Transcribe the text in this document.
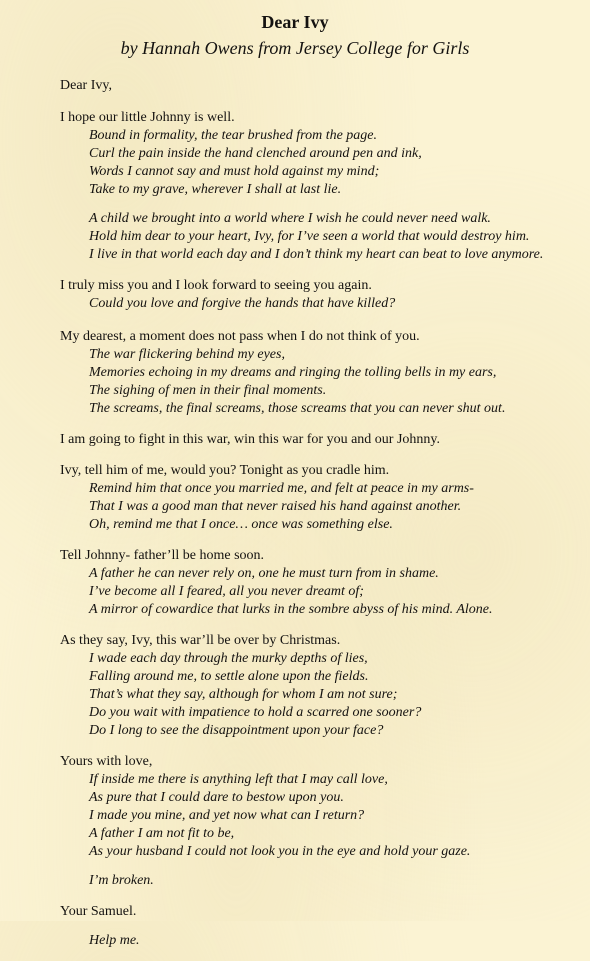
Dear Ivy
by Hannah Owens from Jersey College for Girls
Dear Ivy,
I hope our little Johnny is well.
Bound in formality, the tear brushed from the page.
Curl the pain inside the hand clenched around pen and ink,
Words I cannot say and must hold against my mind;
Take to my grave, wherever I shall at last lie.
A child we brought into a world where I wish he could never need walk.
Hold him dear to your heart, Ivy, for I’ve seen a world that would destroy him.
I live in that world each day and I don’t think my heart can beat to love anymore.
I truly miss you and I look forward to seeing you again.
Could you love and forgive the hands that have killed?
My dearest, a moment does not pass when I do not think of you.
The war flickering behind my eyes,
Memories echoing in my dreams and ringing the tolling bells in my ears,
The sighing of men in their final moments.
The screams, the final screams, those screams that you can never shut out.
I am going to fight in this war, win this war for you and our Johnny.
Ivy, tell him of me, would you? Tonight as you cradle him.
Remind him that once you married me, and felt at peace in my arms-
That I was a good man that never raised his hand against another.
Oh, remind me that I once… once was something else.
Tell Johnny- father’ll be home soon.
A father he can never rely on, one he must turn from in shame.
I’ve become all I feared, all you never dreamt of;
A mirror of cowardice that lurks in the sombre abyss of his mind. Alone.
As they say, Ivy, this war’ll be over by Christmas.
I wade each day through the murky depths of lies,
Falling around me, to settle alone upon the fields.
That’s what they say, although for whom I am not sure;
Do you wait with impatience to hold a scarred one sooner?
Do I long to see the disappointment upon your face?
Yours with love,
If inside me there is anything left that I may call love,
As pure that I could dare to bestow upon you.
I made you mine, and yet now what can I return?
A father I am not fit to be,
As your husband I could not look you in the eye and hold your gaze.
I’m broken.
Your Samuel.
Help me.
